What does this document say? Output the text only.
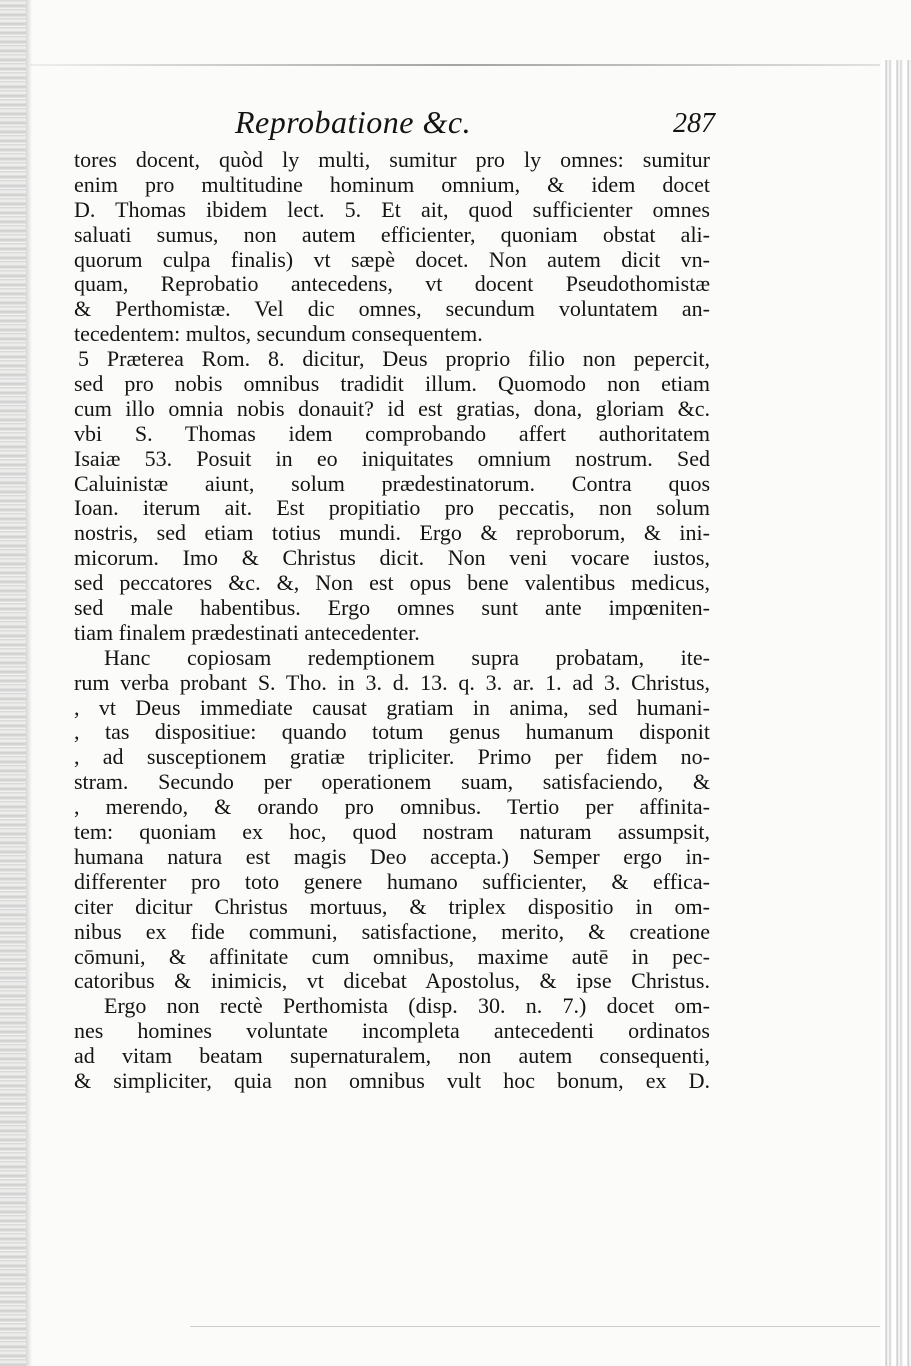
Reprobatione &c.	287
tores docent, quòd ly multi, sumitur pro ly omnes: sumitur
enim pro multitudine hominum omnium, & idem docet
D. Thomas ibidem lect. 5. Et ait, quod sufficienter omnes
saluati sumus, non autem efficienter, quoniam obstat ali-
quorum culpa finalis) vt sæpè docet. Non autem dicit vn-
quam, Reprobatio antecedens, vt docent Pseudothomistæ
& Perthomistæ. Vel dic omnes, secundum voluntatem an-
tecedentem: multos, secundum consequentem.
5 Præterea Rom. 8. dicitur, Deus proprio filio non pepercit,
sed pro nobis omnibus tradidit illum. Quomodo non etiam
cum illo omnia nobis donauit? id est gratias, dona, gloriam &c.
vbi S. Thomas idem comprobando affert authoritatem
Isaiæ 53. Posuit in eo iniquitates omnium nostrum. Sed
Caluinistæ aiunt, solum prædestinatorum. Contra quos
Ioan. iterum ait. Est propitiatio pro peccatis, non solum
nostris, sed etiam totius mundi. Ergo & reproborum, & ini-
micorum. Imo & Christus dicit. Non veni vocare iustos,
sed peccatores &c. &, Non est opus bene valentibus medicus,
sed male habentibus. Ergo omnes sunt ante impœniten-
tiam finalem prædestinati antecedenter.
Hanc copiosam redemptionem supra probatam, ite-
rum verba probant S. Tho. in 3. d. 13. q. 3. ar. 1. ad 3. Christus,
, vt Deus immediate causat gratiam in anima, sed humani-
, tas dispositiue: quando totum genus humanum disponit
, ad susceptionem gratiæ tripliciter. Primo per fidem no-
stram. Secundo per operationem suam, satisfaciendo, &
, merendo, & orando pro omnibus. Tertio per affinita-
tem: quoniam ex hoc, quod nostram naturam assumpsit,
humana natura est magis Deo accepta.) Semper ergo in-
differenter pro toto genere humano sufficienter, & effica-
citer dicitur Christus mortuus, & triplex dispositio in om-
nibus ex fide communi, satisfactione, merito, & creatione
cōmuni, & affinitate cum omnibus, maxime autē in pec-
catoribus & inimicis, vt dicebat Apostolus, & ipse Christus.
Ergo non rectè Perthomista (disp. 30. n. 7.) docet om-
nes homines voluntate incompleta antecedenti ordinatos
ad vitam beatam supernaturalem, non autem consequenti,
& simpliciter, quia non omnibus vult hoc bonum, ex D.
